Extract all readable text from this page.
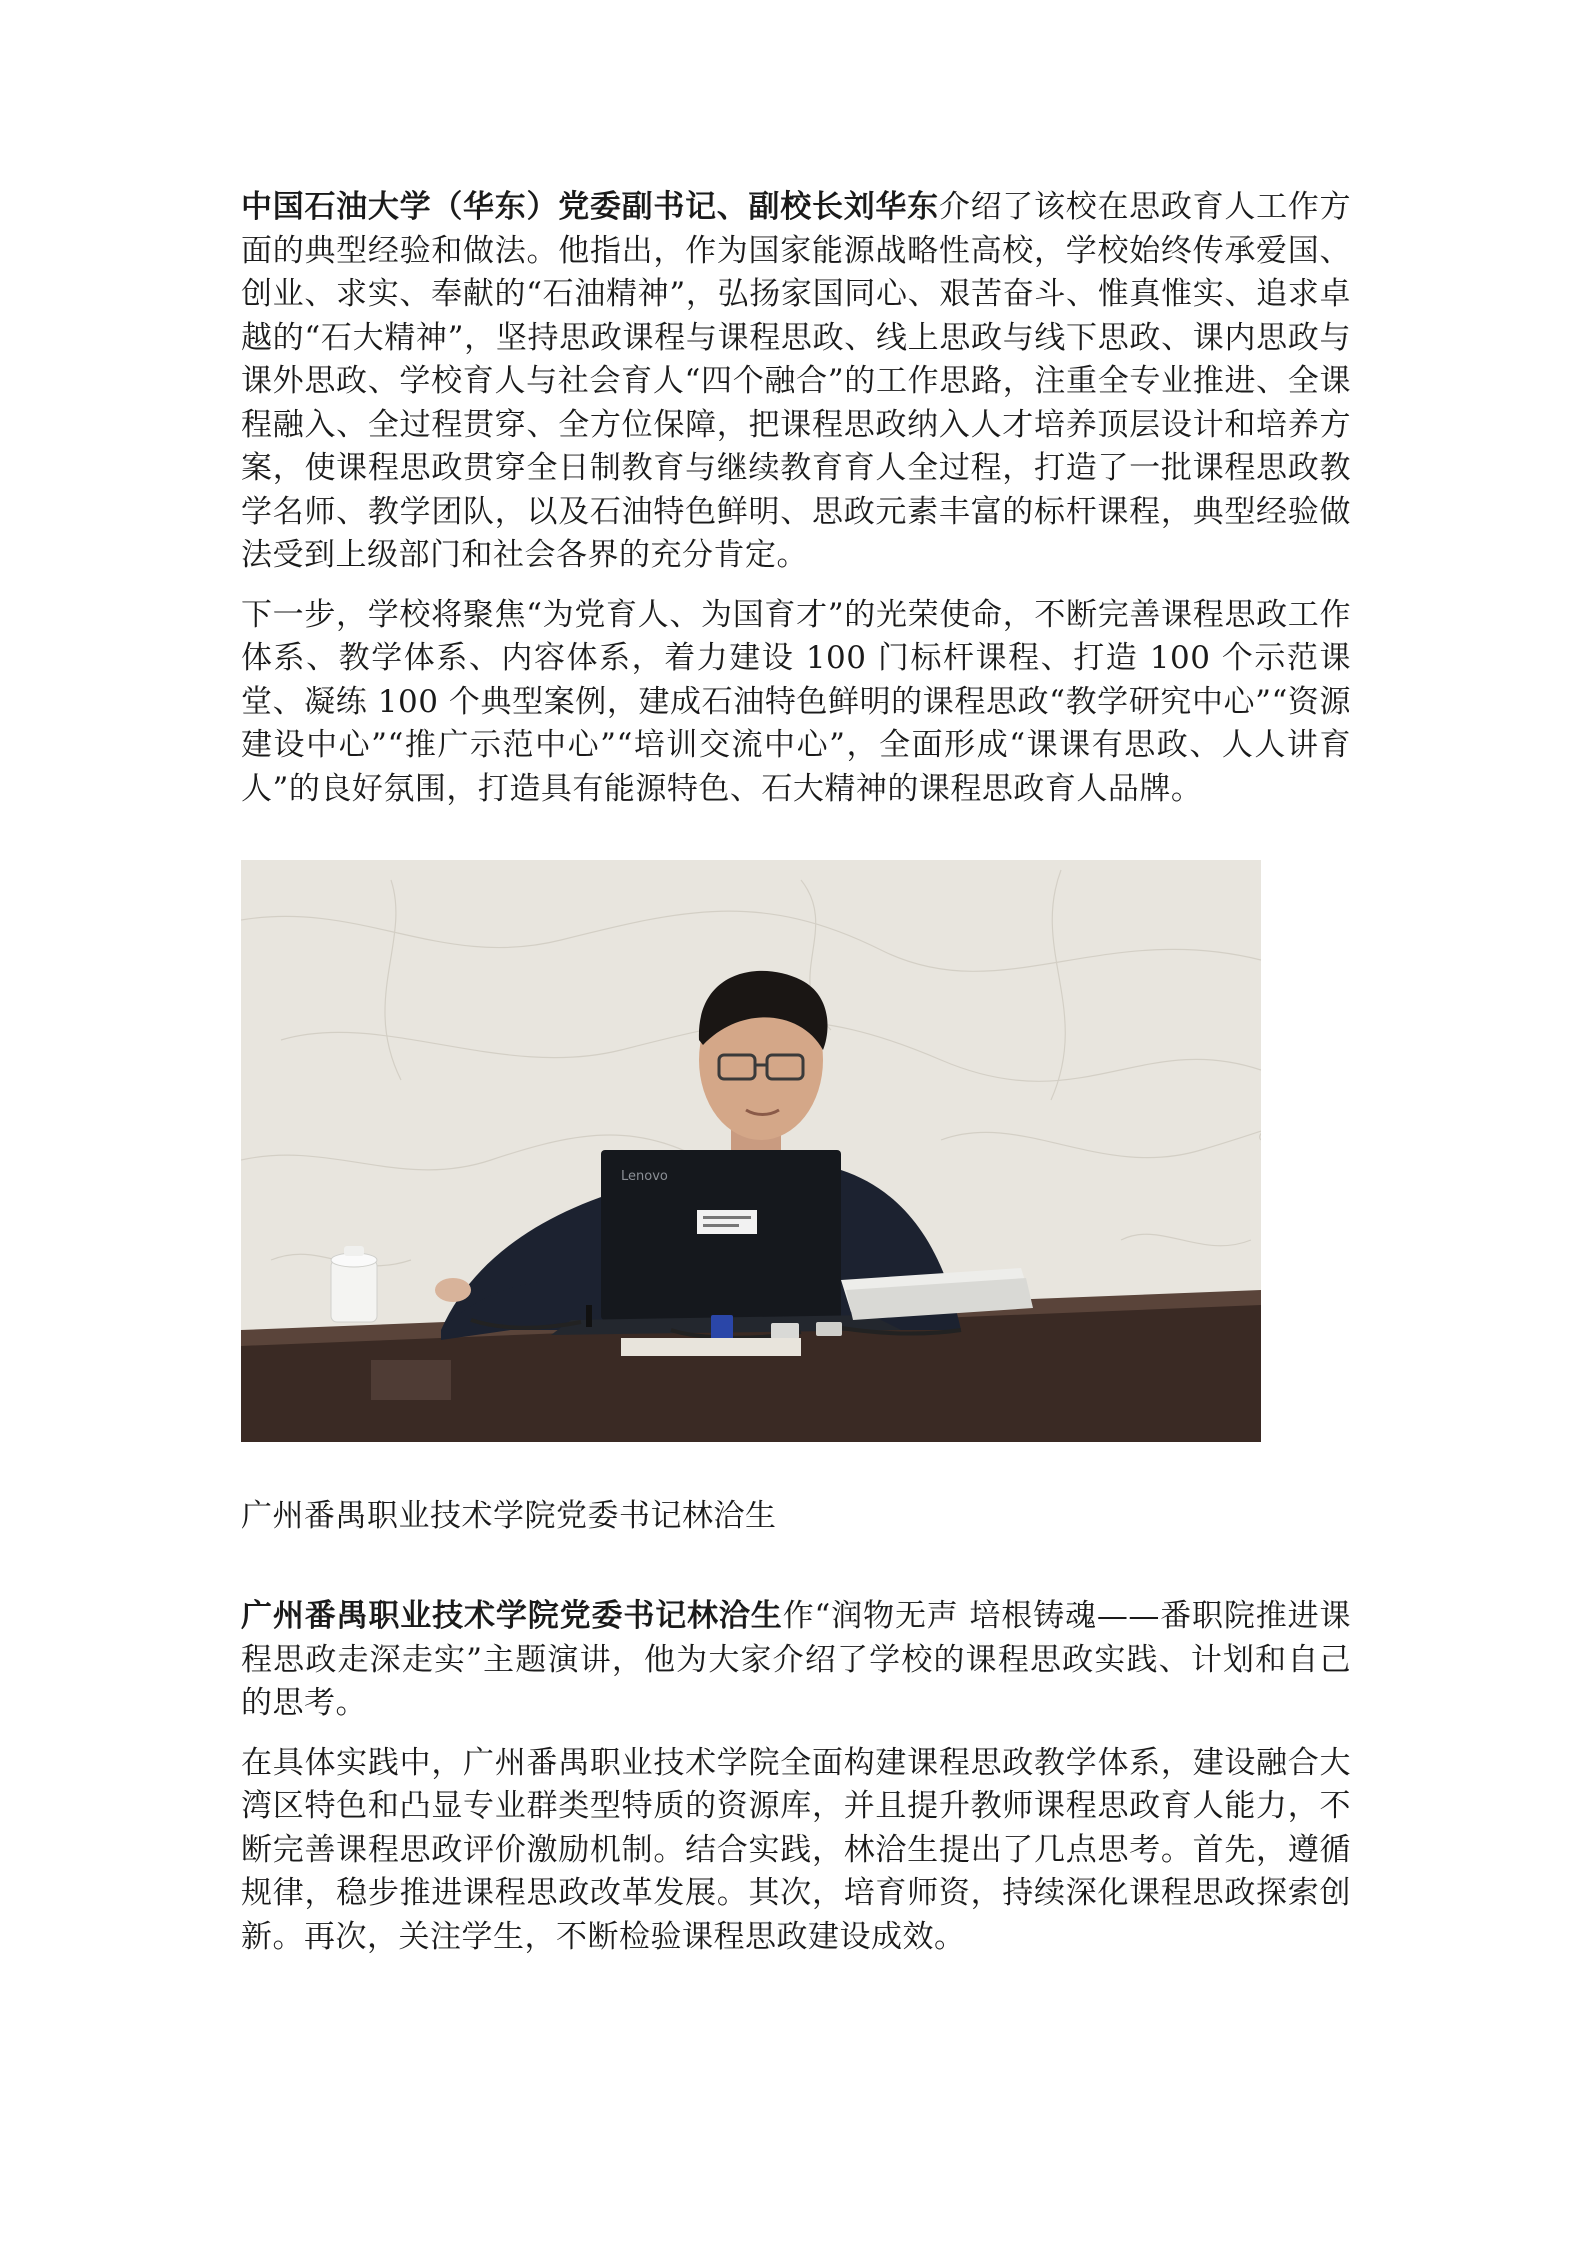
中国石油大学（华东）党委副书记、副校长刘华东介绍了该校在思政育人工作方面的典型经验和做法。他指出，作为国家能源战略性高校，学校始终传承爱国、创业、求实、奉献的“石油精神”，弘扬家国同心、艰苦奋斗、惟真惟实、追求卓越的“石大精神”，坚持思政课程与课程思政、线上思政与线下思政、课内思政与课外思政、学校育人与社会育人“四个融合”的工作思路，注重全专业推进、全课程融入、全过程贯穿、全方位保障，把课程思政纳入人才培养顶层设计和培养方案，使课程思政贯穿全日制教育与继续教育育人全过程，打造了一批课程思政教学名师、教学团队，以及石油特色鲜明、思政元素丰富的标杆课程，典型经验做法受到上级部门和社会各界的充分肯定。

下一步，学校将聚焦“为党育人、为国育才”的光荣使命，不断完善课程思政工作体系、教学体系、内容体系，着力建设 100 门标杆课程、打造 100 个示范课堂、凝练 100 个典型案例，建成石油特色鲜明的课程思政“教学研究中心”“资源建设中心”“推广示范中心”“培训交流中心”，全面形成“课课有思政、人人讲育人”的良好氛围，打造具有能源特色、石大精神的课程思政育人品牌。

Lenovo

广州番禺职业技术学院党委书记林洽生

广州番禺职业技术学院党委书记林洽生作“润物无声 培根铸魂——番职院推进课程思政走深走实”主题演讲，他为大家介绍了学校的课程思政实践、计划和自己的思考。

在具体实践中，广州番禺职业技术学院全面构建课程思政教学体系，建设融合大湾区特色和凸显专业群类型特质的资源库，并且提升教师课程思政育人能力，不断完善课程思政评价激励机制。结合实践，林洽生提出了几点思考。首先，遵循规律，稳步推进课程思政改革发展。其次，培育师资，持续深化课程思政探索创新。再次，关注学生，不断检验课程思政建设成效。
